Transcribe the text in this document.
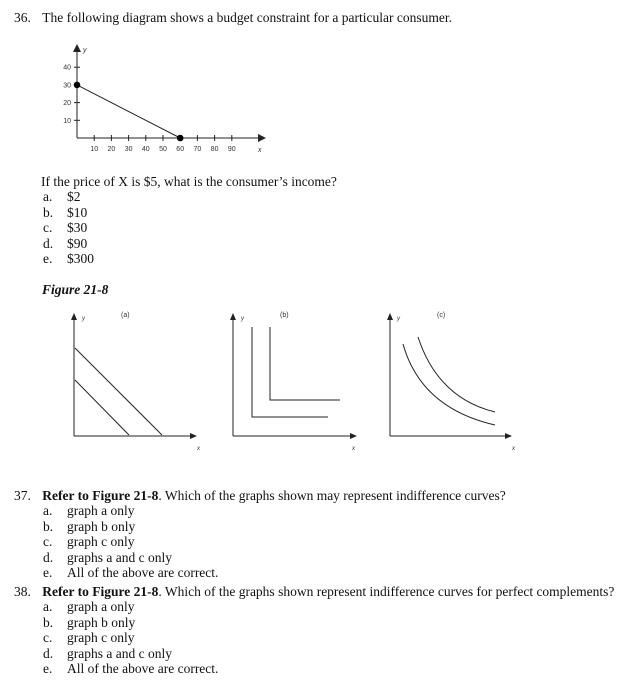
36. The following diagram shows a budget constraint for a particular consumer.
y
x
10 20 30 40 50 60 70 80 90
10
20
30
40
If the price of X is $5, what is the consumer’s income?
a. $2
b. $10
c. $30
d. $90
e. $300
Figure 21-8
y
x
(a)	y
x
(b)	y
x
(c)
37. Refer to Figure 21-8. Which of the graphs shown may represent indifference curves?
a. graph a only
b. graph b only
c. graph c only
d. graphs a and c only
e. All of the above are correct.
38. Refer to Figure 21-8. Which of the graphs shown represent indifference curves for perfect complements?
a. graph a only
b. graph b only
c. graph c only
d. graphs a and c only
e. All of the above are correct.
